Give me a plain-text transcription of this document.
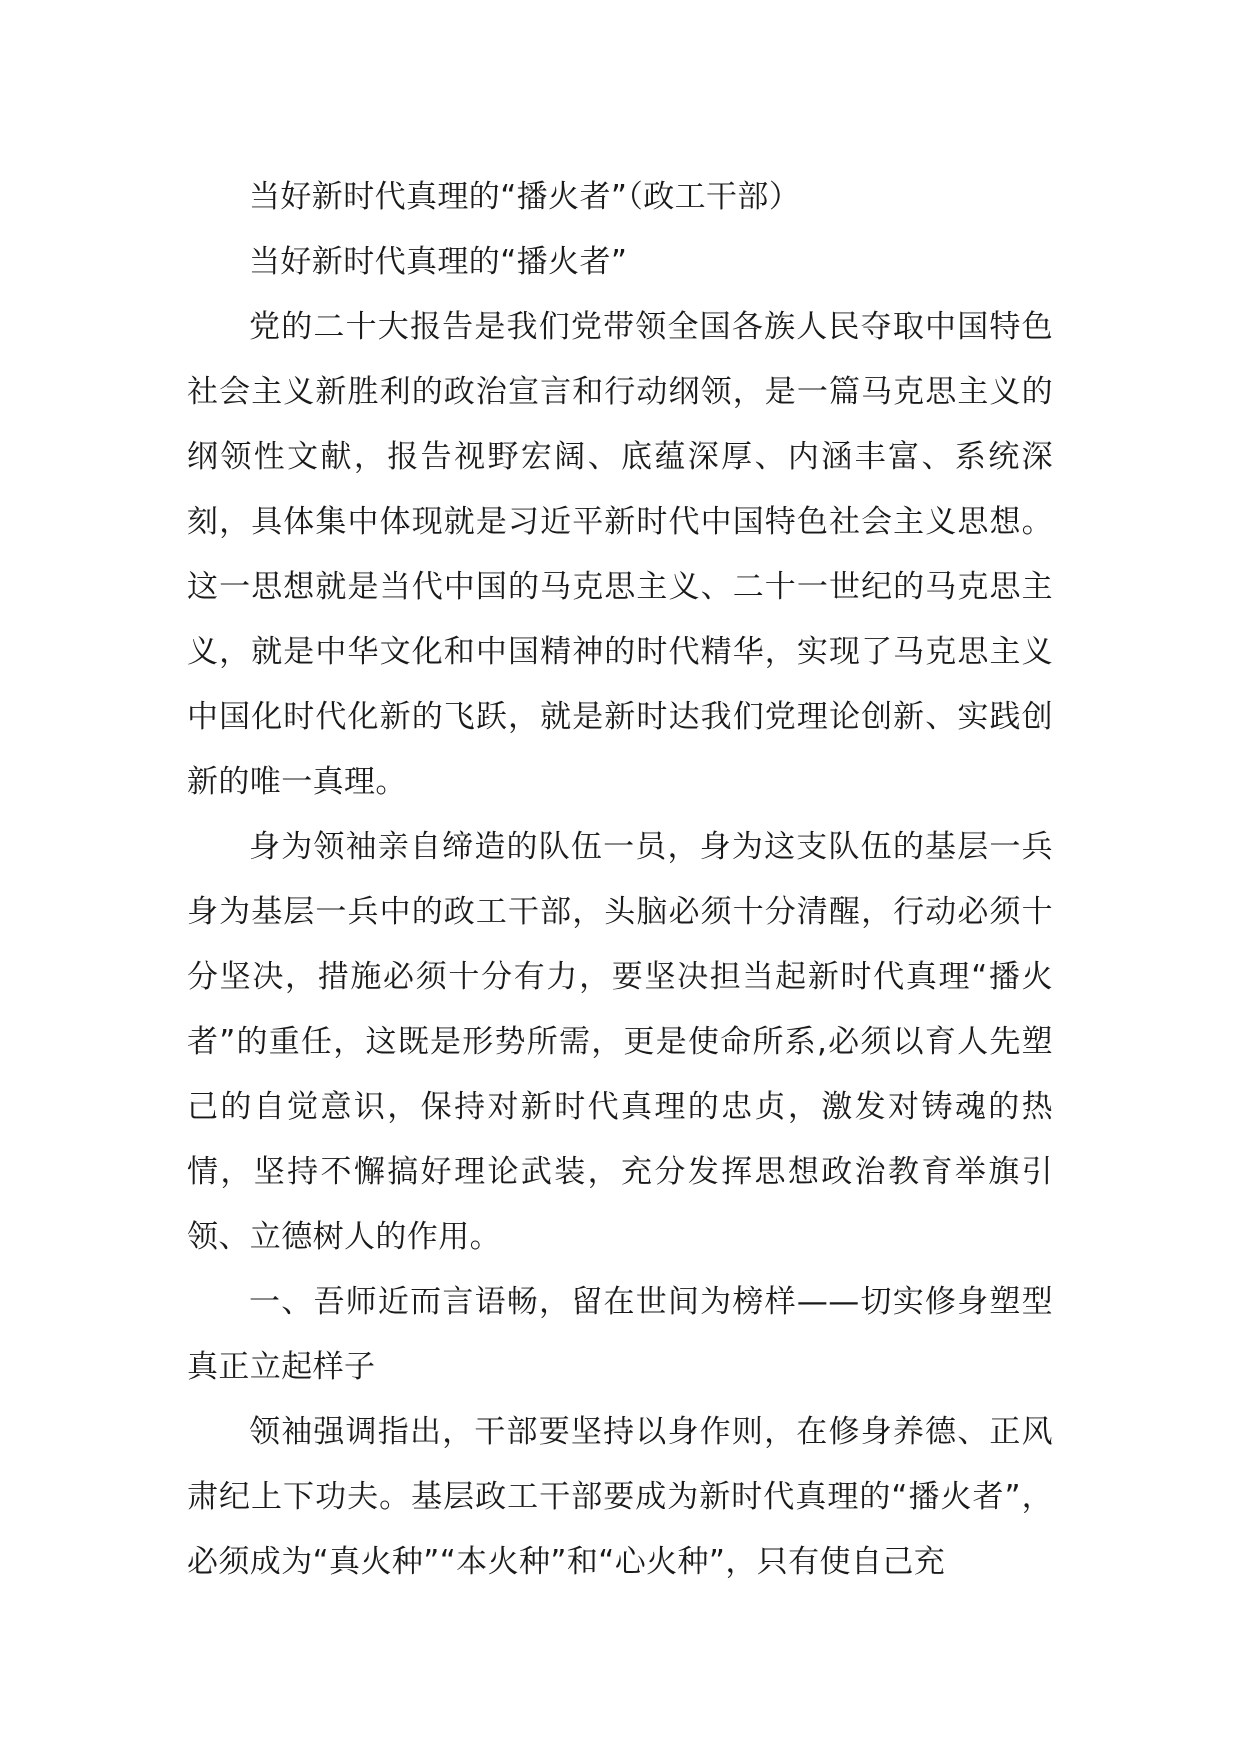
当好新时代真理的“播火者”（政工干部）

当好新时代真理的“播火者”

党的二十大报告是我们党带领全国各族人民夺取中国特色社会主义新胜利的政治宣言和行动纲领，是一篇马克思主义的纲领性文献，报告视野宏阔、底蕴深厚、内涵丰富、系统深刻，具体集中体现就是习近平新时代中国特色社会主义思想。这一思想就是当代中国的马克思主义、二十一世纪的马克思主义，就是中华文化和中国精神的时代精华，实现了马克思主义中国化时代化新的飞跃，就是新时达我们党理论创新、实践创新的唯一真理。

身为领袖亲自缔造的队伍一员，身为这支队伍的基层一兵身为基层一兵中的政工干部，头脑必须十分清醒，行动必须十分坚决，措施必须十分有力，要坚决担当起新时代真理“播火者”的重任，这既是形势所需，更是使命所系,必须以育人先塑己的自觉意识，保持对新时代真理的忠贞，激发对铸魂的热情，坚持不懈搞好理论武装，充分发挥思想政治教育举旗引领、立德树人的作用。

一、吾师近而言语畅，留在世间为榜样——切实修身塑型真正立起样子

领袖强调指出，干部要坚持以身作则，在修身养德、正风肃纪上下功夫。基层政工干部要成为新时代真理的“播火者”，必须成为“真火种”“本火种”和“心火种”，只有使自己充
